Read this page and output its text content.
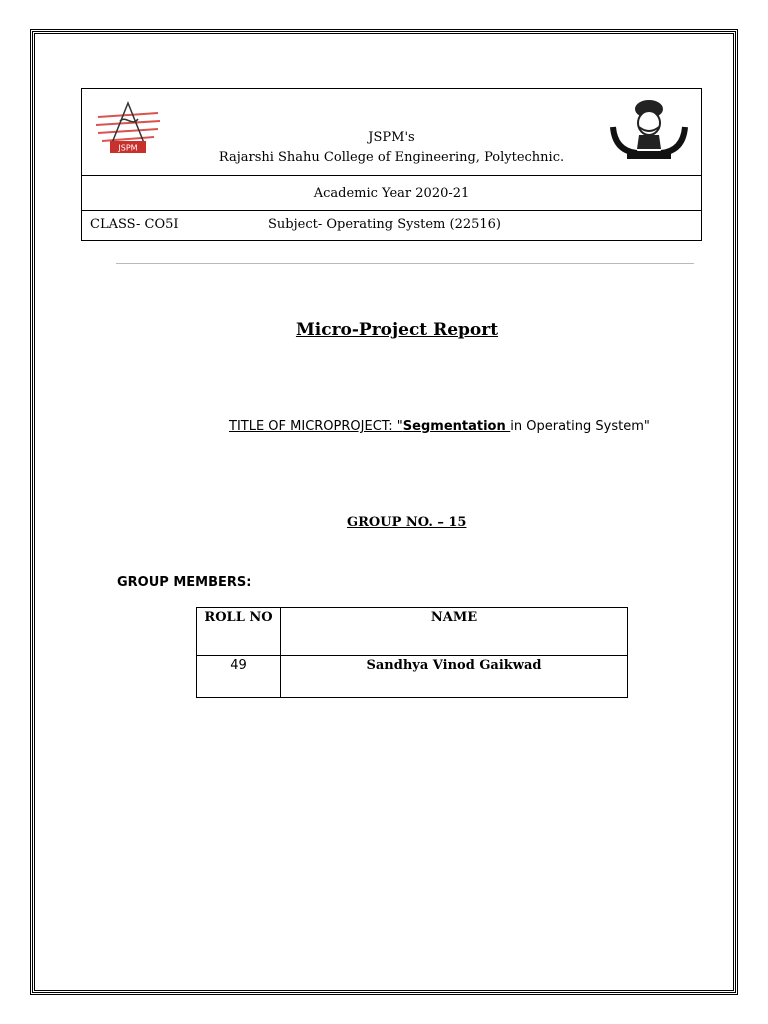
JSPM
JSPM's
Rajarshi Shahu College of Engineering, Polytechnic.

Academic Year 2020-21

CLASS- CO5I	Subject- Operating System (22516)
Micro-Project Report
TITLE OF MICROPROJECT: "Segmentation in Operating System"
GROUP NO. – 15
GROUP MEMBERS:
ROLL NO	NAME
49	Sandhya Vinod Gaikwad
